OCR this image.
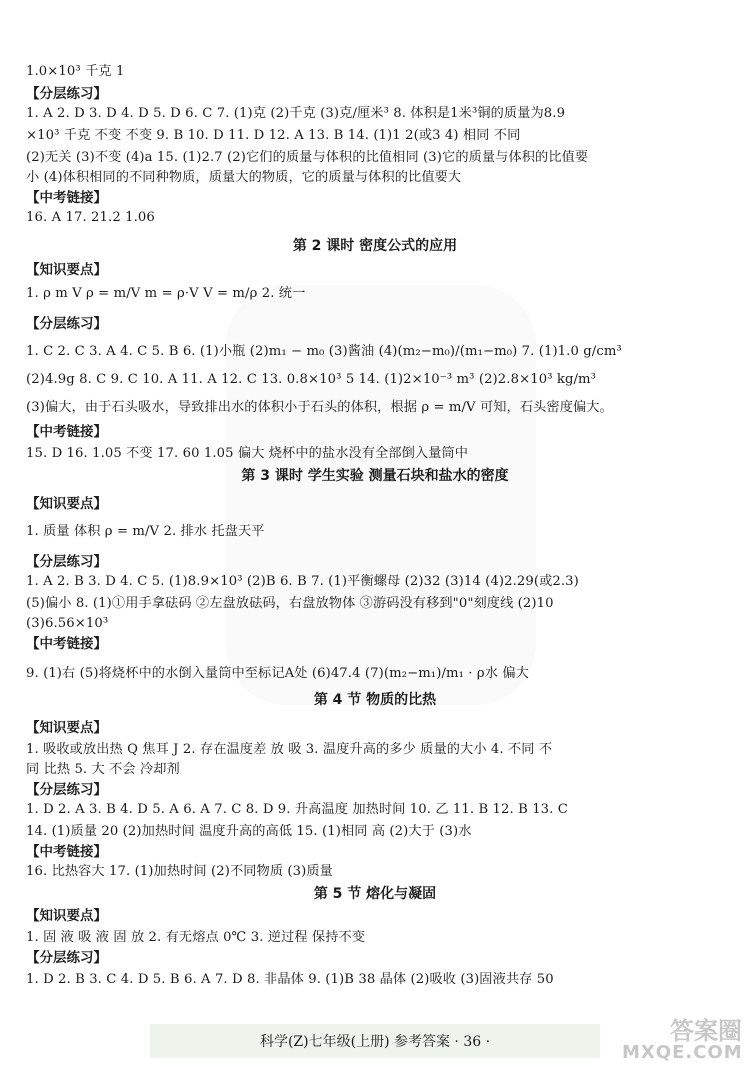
1.0×10³ 千克 1
【分层练习】
1. A 2. D 3. D 4. D 5. D 6. C 7. (1)克 (2)千克 (3)克/厘米³ 8. 体积是1米³铜的质量为8.9
×10³ 千克 不变 不变 9. B 10. D 11. D 12. A 13. B 14. (1)1 2(或3 4) 相同 不同
(2)无关 (3)不变 (4)a 15. (1)2.7 (2)它们的质量与体积的比值相同 (3)它的质量与体积的比值要
小 (4)体积相同的不同种物质，质量大的物质，它的质量与体积的比值要大
【中考链接】
16. A 17. 21.2 1.06
第 2 课时 密度公式的应用
【知识要点】
1. ρ m V ρ = m/V m = ρ·V V = m/ρ 2. 统一
【分层练习】
1. C 2. C 3. A 4. C 5. B 6. (1)小瓶 (2)m₁ − m₀ (3)酱油 (4)(m₂−m₀)/(m₁−m₀) 7. (1)1.0 g/cm³
(2)4.9g 8. C 9. C 10. A 11. A 12. C 13. 0.8×10³ 5 14. (1)2×10⁻³ m³ (2)2.8×10³ kg/m³
(3)偏大，由于石头吸水，导致排出水的体积小于石头的体积，根据 ρ = m/V 可知，石头密度偏大。
【中考链接】
15. D 16. 1.05 不变 17. 60 1.05 偏大 烧杯中的盐水没有全部倒入量筒中
第 3 课时 学生实验 测量石块和盐水的密度
【知识要点】
1. 质量 体积 ρ = m/V 2. 排水 托盘天平
【分层练习】
1. A 2. B 3. D 4. C 5. (1)8.9×10³ (2)B 6. B 7. (1)平衡螺母 (2)32 (3)14 (4)2.29(或2.3)
(5)偏小 8. (1)①用手拿砝码 ②左盘放砝码，右盘放物体 ③游码没有移到"0"刻度线 (2)10
(3)6.56×10³
【中考链接】
9. (1)右 (5)将烧杯中的水倒入量筒中至标记A处 (6)47.4 (7)(m₂−m₁)/m₁ · ρ水 偏大
第 4 节 物质的比热
【知识要点】
1. 吸收或放出热 Q 焦耳 J 2. 存在温度差 放 吸 3. 温度升高的多少 质量的大小 4. 不同 不
同 比热 5. 大 不会 冷却剂
【分层练习】
1. D 2. A 3. B 4. D 5. A 6. A 7. C 8. D 9. 升高温度 加热时间 10. 乙 11. B 12. B 13. C
14. (1)质量 20 (2)加热时间 温度升高的高低 15. (1)相同 高 (2)大于 (3)水
【中考链接】
16. 比热容大 17. (1)加热时间 (2)不同物质 (3)质量
第 5 节 熔化与凝固
【知识要点】
1. 固 液 吸 液 固 放 2. 有无熔点 0℃ 3. 逆过程 保持不变
【分层练习】
1. D 2. B 3. C 4. D 5. B 6. A 7. D 8. 非晶体 9. (1)B 38 晶体 (2)吸收 (3)固液共存 50
科学(Z)七年级(上册) 参考答案 · 36 ·	答案圈
MXQE.COM
